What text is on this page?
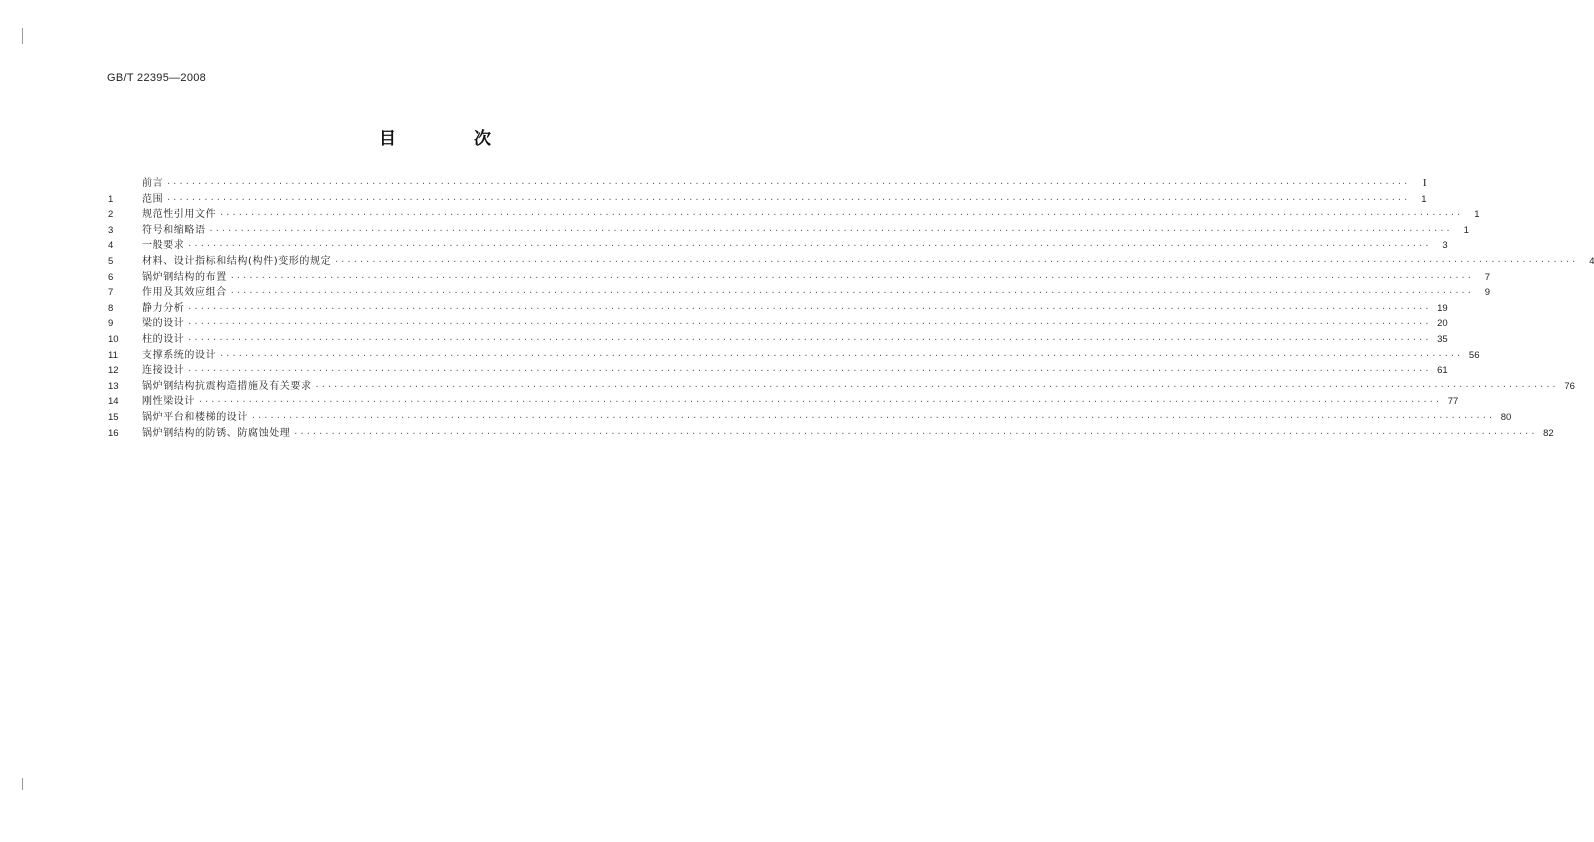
GB/T 22395—2008
目 次
前言 ········································································································································································································	I
1	范围 ········································································································································································································	1
2	规范性引用文件 ········································································································································································································	1
3	符号和缩略语 ········································································································································································································	1
4	一般要求 ········································································································································································································	3
5	材料、设计指标和结构(构件)变形的规定 ········································································································································································································	4
6	锅炉钢结构的布置 ········································································································································································································	7
7	作用及其效应组合 ········································································································································································································	9
8	静力分析 ········································································································································································································ 19
9	梁的设计 ········································································································································································································ 20
10	柱的设计 ········································································································································································································ 35
11	支撑系统的设计 ········································································································································································································ 56
12	连接设计 ········································································································································································································ 61
13	锅炉钢结构抗震构造措施及有关要求 ········································································································································································································ 76
14	刚性梁设计 ········································································································································································································ 77
15	锅炉平台和楼梯的设计 ········································································································································································································ 80
16	锅炉钢结构的防锈、防腐蚀处理 ········································································································································································································ 82
